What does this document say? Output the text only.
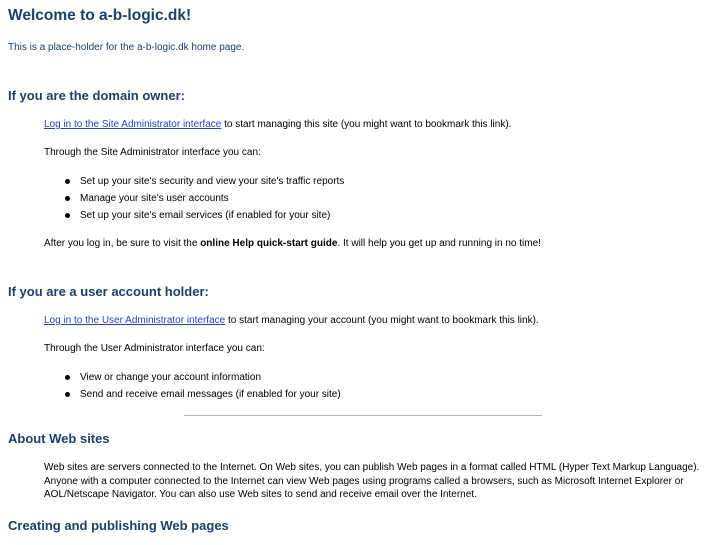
Welcome to a-b-logic.dk!

This is a place-holder for the a-b-logic.dk home page.

If you are the domain owner:

Log in to the Site Administrator interface to start managing this site (you might want to bookmark this link).

Through the Site Administrator interface you can:

Set up your site's security and view your site's traffic reports
Manage your site's user accounts
Set up your site's email services (if enabled for your site)

After you log in, be sure to visit the online Help quick-start guide. It will help you get up and running in no time!

If you are a user account holder:

Log in to the User Administrator interface to start managing your account (you might want to bookmark this link).

Through the User Administrator interface you can:

View or change your account information
Send and receive email messages (if enabled for your site)
About Web sites

Web sites are servers connected to the Internet. On Web sites, you can publish Web pages in a format called HTML (Hyper Text Markup Language). Anyone with a computer connected to the Internet can view Web pages using programs called a browsers, such as Microsoft Internet Explorer or AOL/Netscape Navigator. You can also use Web sites to send and receive email over the Internet.

Creating and publishing Web pages
